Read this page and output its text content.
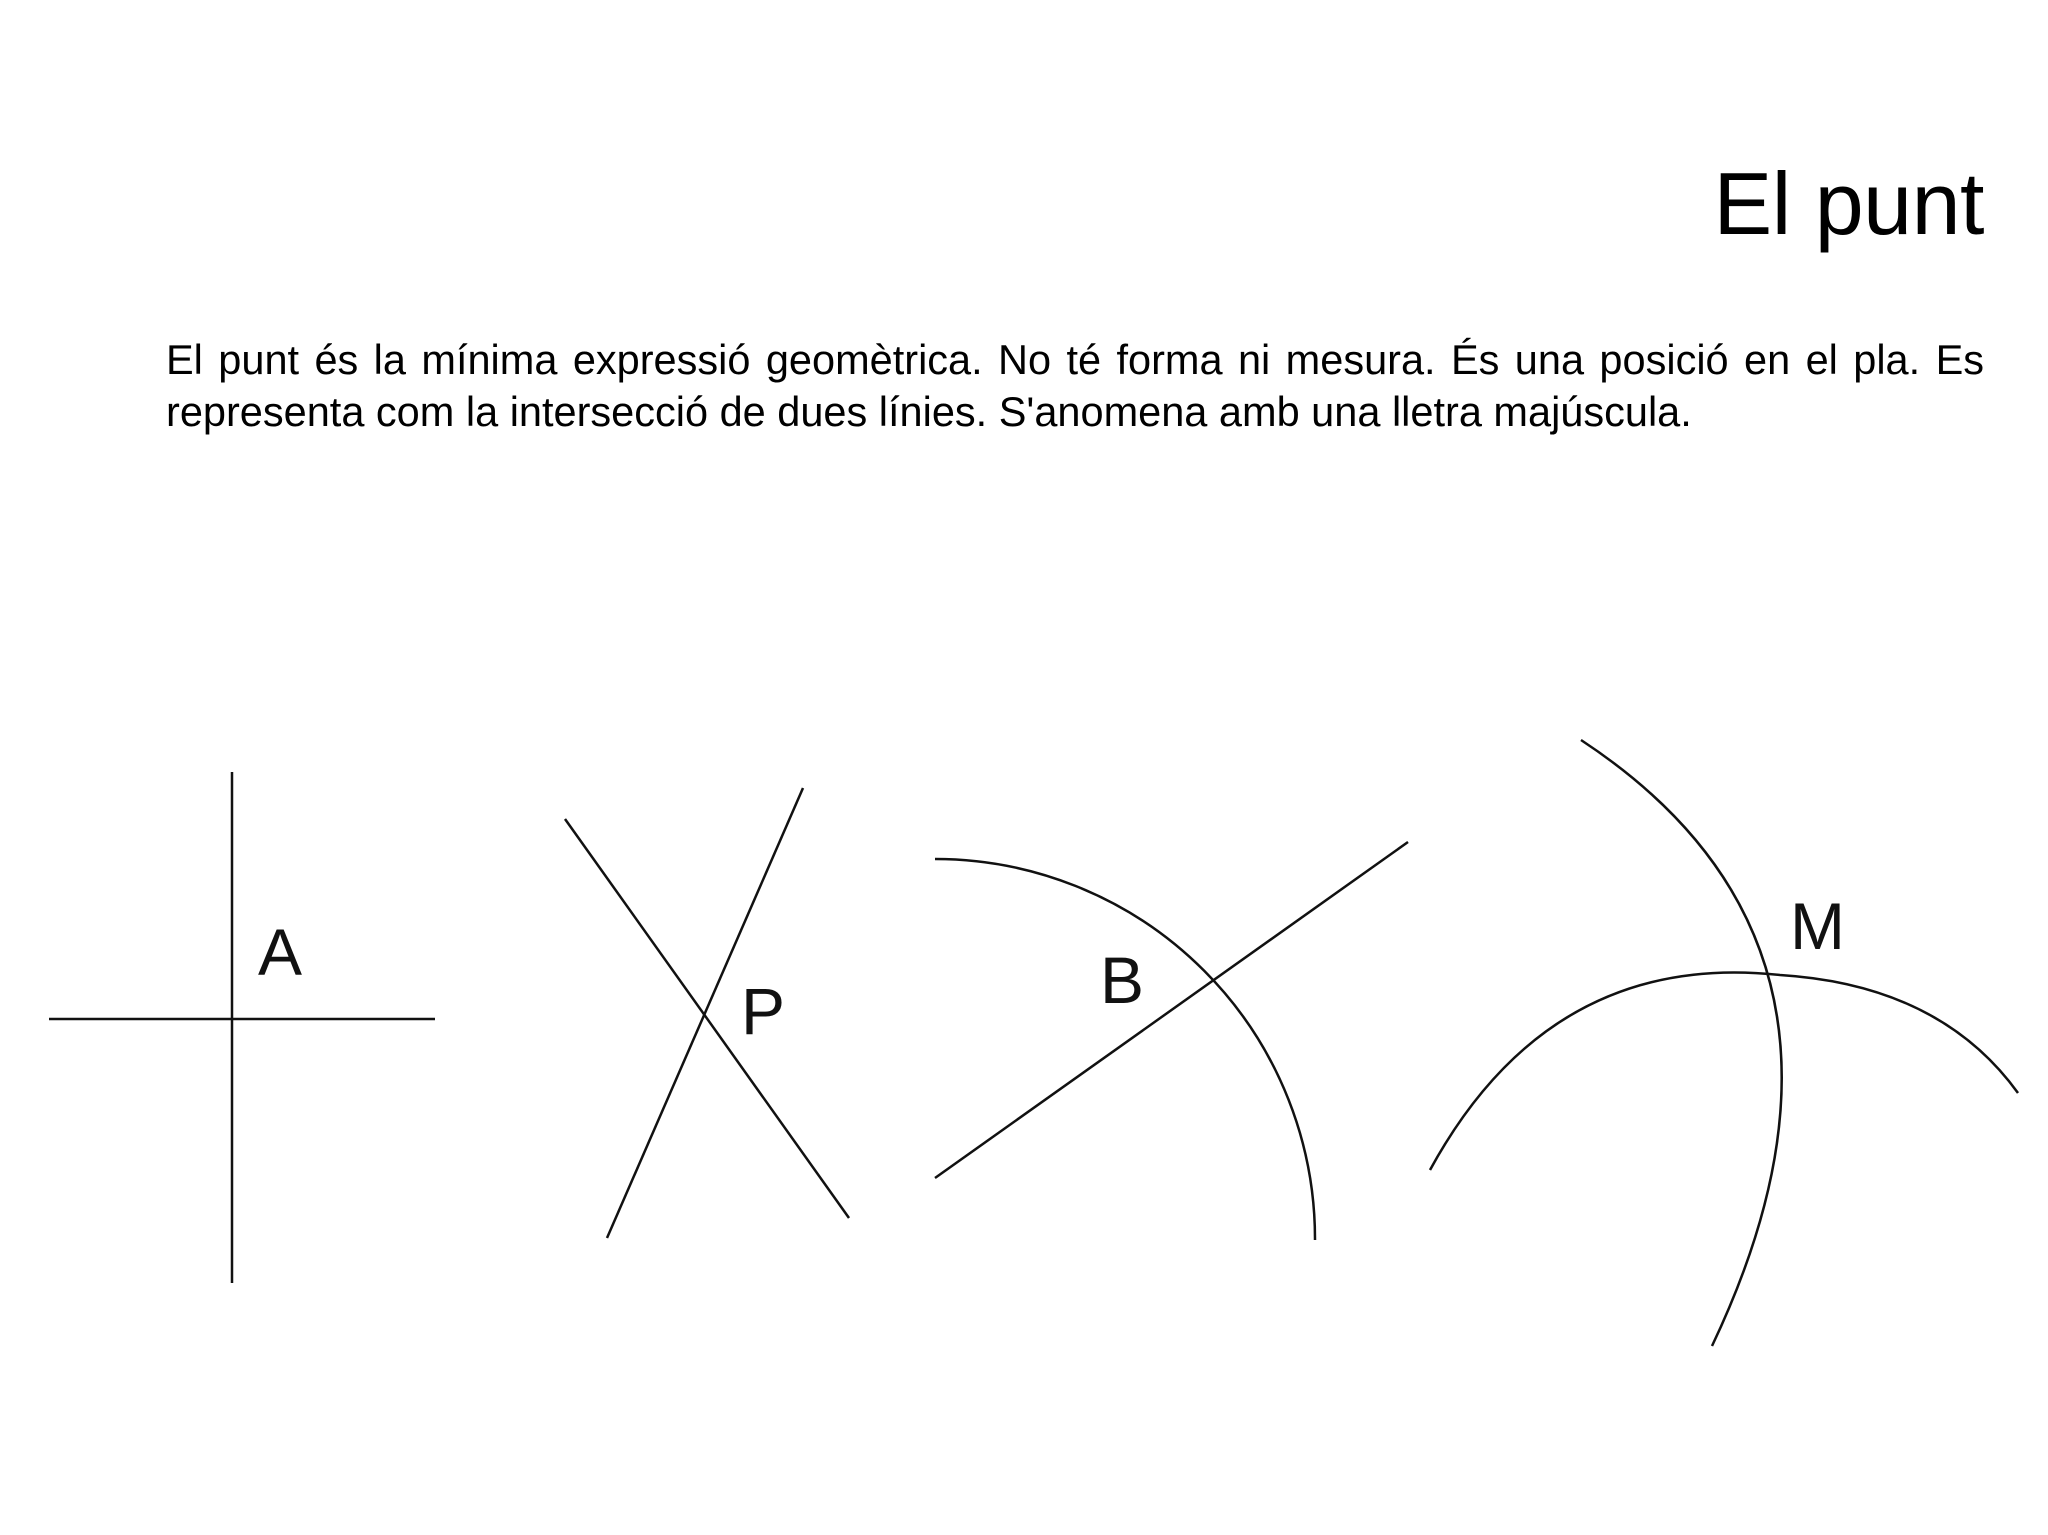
El punt

El punt és la mínima expressió geomètrica. No té forma ni mesura. És una posició en el pla. Es representa com la intersecció de dues línies. S'anomena amb una lletra majúscula.

A
P	B
M
